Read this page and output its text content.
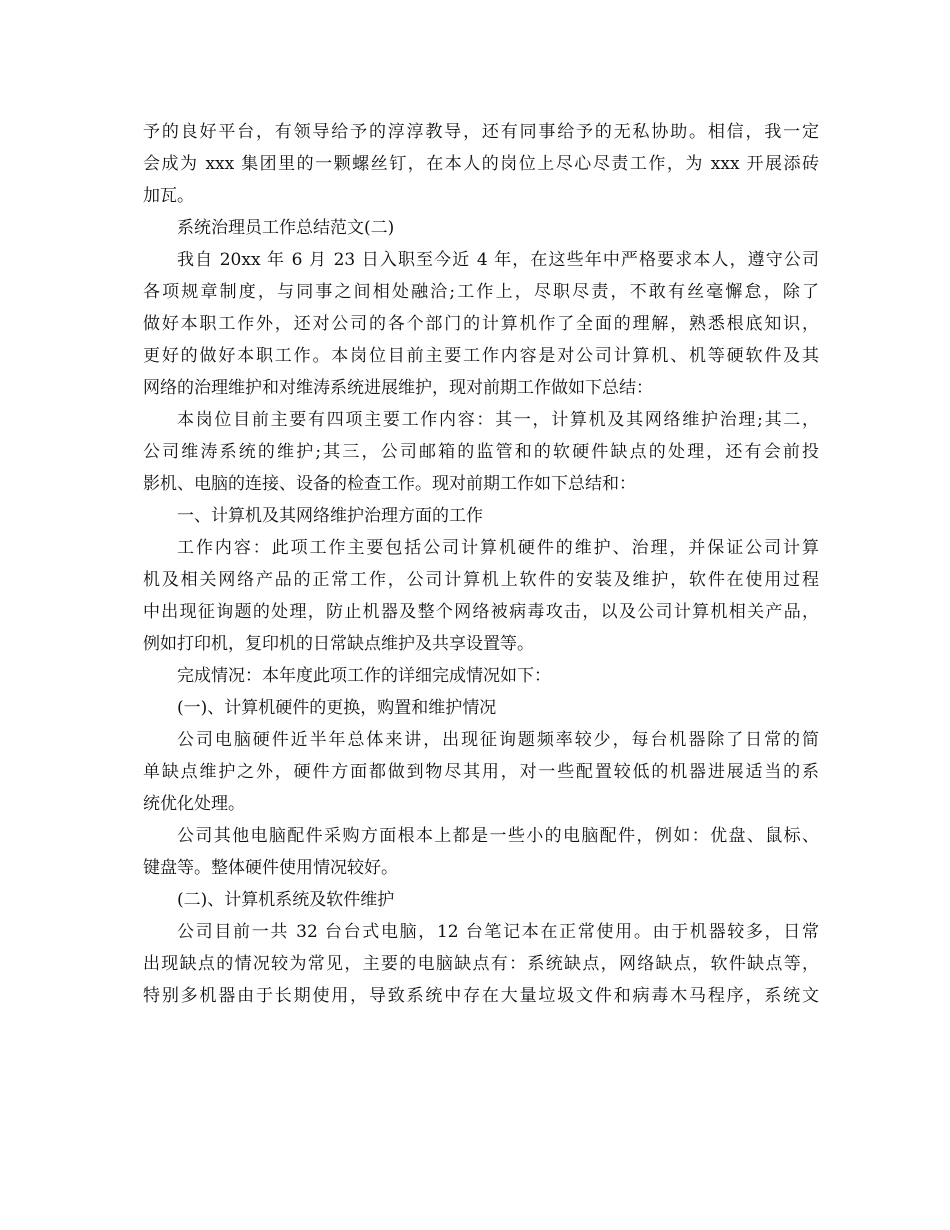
予的良好平台，有领导给予的淳淳教导，还有同事给予的无私协助。相信，我一定
会成为 xxx 集团里的一颗螺丝钉，在本人的岗位上尽心尽责工作，为 xxx 开展添砖
加瓦。
系统治理员工作总结范文(二)
我自 20xx 年 6 月 23 日入职至今近 4 年，在这些年中严格要求本人，遵守公司
各项规章制度，与同事之间相处融洽;工作上，尽职尽责，不敢有丝毫懈怠，除了
做好本职工作外，还对公司的各个部门的计算机作了全面的理解，熟悉根底知识，
更好的做好本职工作。本岗位目前主要工作内容是对公司计算机、机等硬软件及其
网络的治理维护和对维涛系统进展维护，现对前期工作做如下总结：
本岗位目前主要有四项主要工作内容：其一，计算机及其网络维护治理;其二，
公司维涛系统的维护;其三，公司邮箱的监管和的软硬件缺点的处理，还有会前投
影机、电脑的连接、设备的检查工作。现对前期工作如下总结和：
一、计算机及其网络维护治理方面的工作
工作内容：此项工作主要包括公司计算机硬件的维护、治理，并保证公司计算
机及相关网络产品的正常工作，公司计算机上软件的安装及维护，软件在使用过程
中出现征询题的处理，防止机器及整个网络被病毒攻击，以及公司计算机相关产品，
例如打印机，复印机的日常缺点维护及共享设置等。
完成情况：本年度此项工作的详细完成情况如下：
(一)、计算机硬件的更换，购置和维护情况
公司电脑硬件近半年总体来讲，出现征询题频率较少，每台机器除了日常的简
单缺点维护之外，硬件方面都做到物尽其用，对一些配置较低的机器进展适当的系
统优化处理。
公司其他电脑配件采购方面根本上都是一些小的电脑配件，例如：优盘、鼠标、
键盘等。整体硬件使用情况较好。
(二)、计算机系统及软件维护
公司目前一共 32 台台式电脑，12 台笔记本在正常使用。由于机器较多，日常
出现缺点的情况较为常见，主要的电脑缺点有：系统缺点，网络缺点，软件缺点等，
特别多机器由于长期使用，导致系统中存在大量垃圾文件和病毒木马程序，系统文
